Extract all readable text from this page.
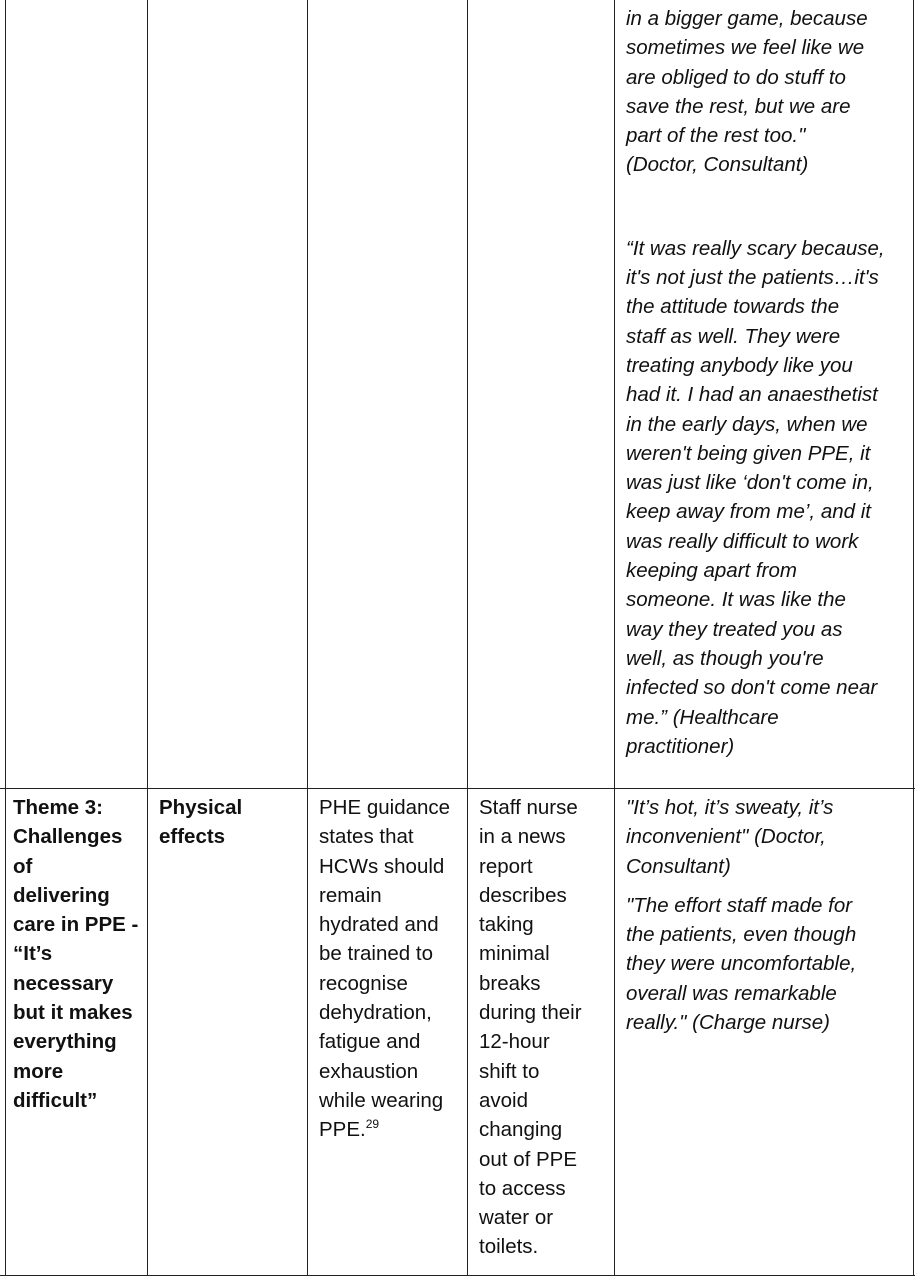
in a bigger game, because

sometimes we feel like we

are obliged to do stuff to

save the rest, but we are

part of the rest too."

(Doctor, Consultant)

“It was really scary because,

it's not just the patients…it's

the attitude towards the

staff as well. They were

treating anybody like you

had it. I had an anaesthetist

in the early days, when we

weren't being given PPE, it

was just like ‘don't come in,

keep away from me’, and it

was really difficult to work

keeping apart from

someone. It was like the

way they treated you as

well, as though you're

infected so don't come near

me.” (Healthcare

practitioner)

Theme 3:

Challenges

of

delivering

care in PPE -

“It’s

necessary

but it makes

everything

more

difficult”

Physical

effects

PHE guidance

states that

HCWs should

remain

hydrated and

be trained to

recognise

dehydration,

fatigue and

exhaustion

while wearing

PPE.$^{29}$

Staff nurse

in a news

report

describes

taking

minimal

breaks

during their

12-hour

shift to

avoid

changing

out of PPE

to access

water or

toilets.

"It’s hot, it’s sweaty, it’s

inconvenient" (Doctor,

Consultant)

"The effort staff made for

the patients, even though

they were uncomfortable,

overall was remarkable

really." (Charge nurse)
